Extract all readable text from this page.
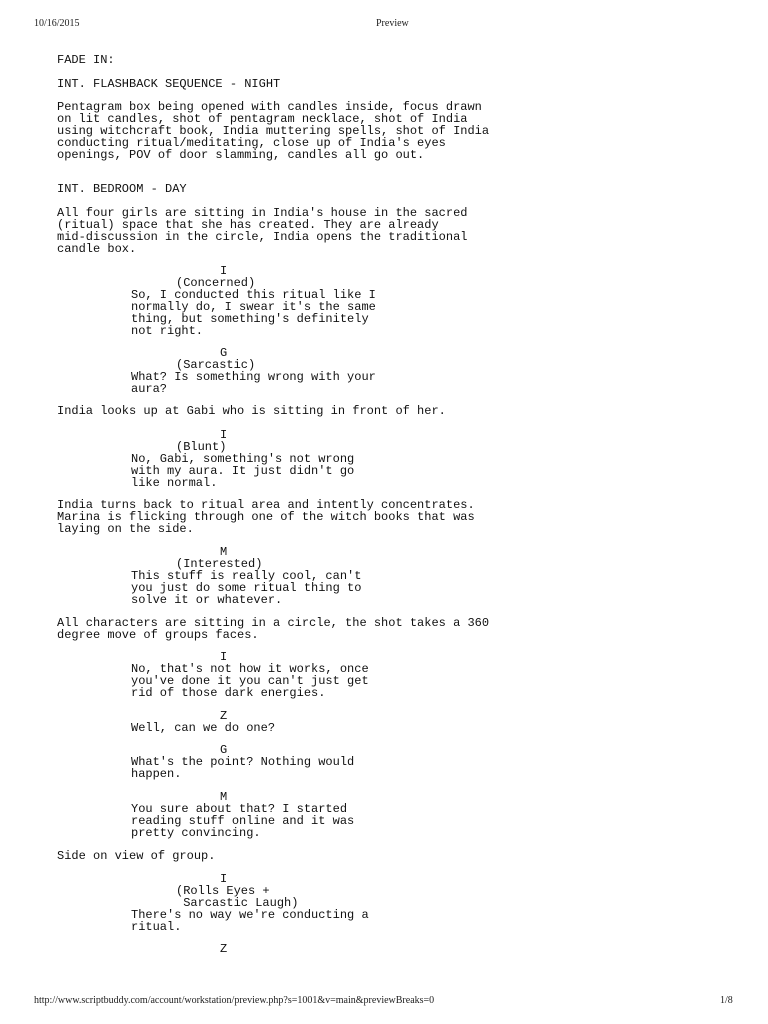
10/16/2015	Preview
FADE IN:
INT. FLASHBACK SEQUENCE - NIGHT
Pentagram box being opened with candles inside, focus drawn
on lit candles, shot of pentagram necklace, shot of India
using witchcraft book, India muttering spells, shot of India
conducting ritual/meditating, close up of India's eyes
openings, POV of door slamming, candles all go out.
INT. BEDROOM - DAY
All four girls are sitting in India's house in the sacred
(ritual) space that she has created. They are already
mid-discussion in the circle, India opens the traditional
candle box.
I
(Concerned)
So, I conducted this ritual like I
normally do, I swear it's the same
thing, but something's definitely
not right.
G
(Sarcastic)
What? Is something wrong with your
aura?
India looks up at Gabi who is sitting in front of her.
I
(Blunt)
No, Gabi, something's not wrong
with my aura. It just didn't go
like normal.
India turns back to ritual area and intently concentrates.
Marina is flicking through one of the witch books that was
laying on the side.
M
(Interested)
This stuff is really cool, can't
you just do some ritual thing to
solve it or whatever.
All characters are sitting in a circle, the shot takes a 360
degree move of groups faces.
I
No, that's not how it works, once
you've done it you can't just get
rid of those dark energies.
Z
Well, can we do one?
G
What's the point? Nothing would
happen.
M
You sure about that? I started
reading stuff online and it was
pretty convincing.
Side on view of group.
I
(Rolls Eyes +
Sarcastic Laugh)
There's no way we're conducting a
ritual.
Z
http://www.scriptbuddy.com/account/workstation/preview.php?s=1001&v=main&previewBreaks=0	1/8
